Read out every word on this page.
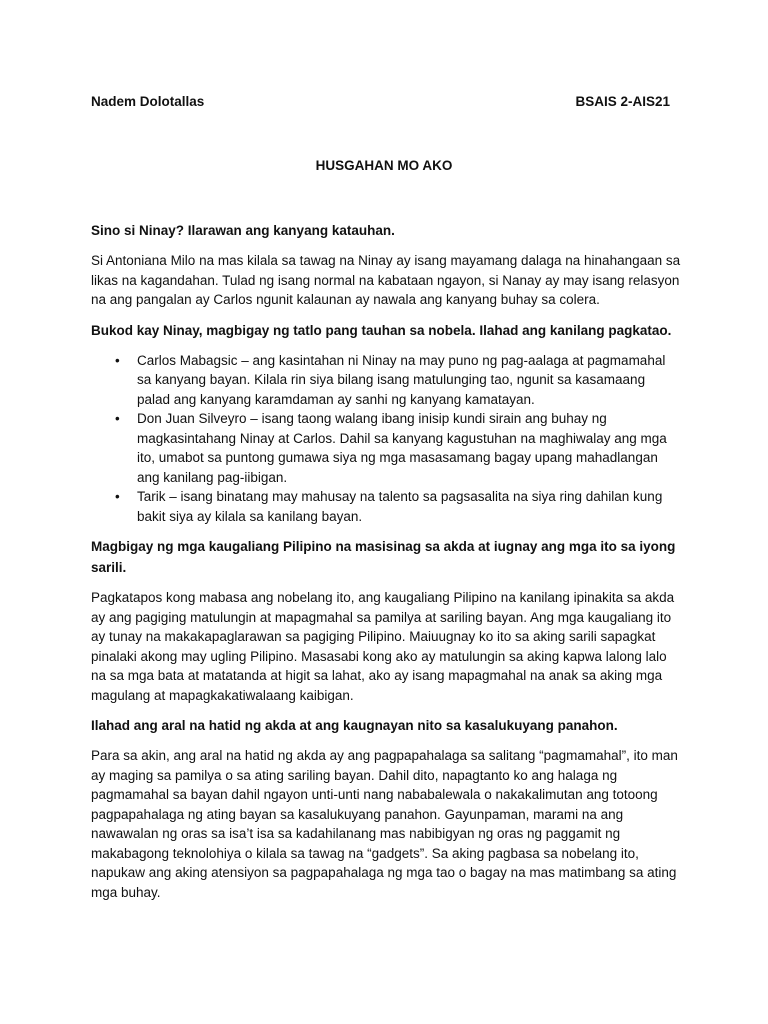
Nadem Dolotallas	BSAIS 2-AIS21
HUSGAHAN MO AKO
Sino si Ninay? Ilarawan ang kanyang katauhan.
Si Antoniana Milo na mas kilala sa tawag na Ninay ay isang mayamang dalaga na hinahangaan sa likas na kagandahan. Tulad ng isang normal na kabataan ngayon, si Nanay ay may isang relasyon na ang pangalan ay Carlos ngunit kalaunan ay nawala ang kanyang buhay sa colera.
Bukod kay Ninay, magbigay ng tatlo pang tauhan sa nobela. Ilahad ang kanilang pagkatao.
• Carlos Mabagsic – ang kasintahan ni Ninay na may puno ng pag-aalaga at pagmamahal sa kanyang bayan. Kilala rin siya bilang isang matulunging tao, ngunit sa kasamaang palad ang kanyang karamdaman ay sanhi ng kanyang kamatayan.
• Don Juan Silveyro – isang taong walang ibang inisip kundi sirain ang buhay ng magkasintahang Ninay at Carlos. Dahil sa kanyang kagustuhan na maghiwalay ang mga ito, umabot sa puntong gumawa siya ng mga masasamang bagay upang mahadlangan ang kanilang pag-iibigan.
• Tarik – isang binatang may mahusay na talento sa pagsasalita na siya ring dahilan kung bakit siya ay kilala sa kanilang bayan.
Magbigay ng mga kaugaliang Pilipino na masisinag sa akda at iugnay ang mga ito sa iyong sarili.
Pagkatapos kong mabasa ang nobelang ito, ang kaugaliang Pilipino na kanilang ipinakita sa akda ay ang pagiging matulungin at mapagmahal sa pamilya at sariling bayan. Ang mga kaugaliang ito ay tunay na makakapaglarawan sa pagiging Pilipino. Maiuugnay ko ito sa aking sarili sapagkat pinalaki akong may ugling Pilipino. Masasabi kong ako ay matulungin sa aking kapwa lalong lalo na sa mga bata at matatanda at higit sa lahat, ako ay isang mapagmahal na anak sa aking mga magulang at mapagkakatiwalaang kaibigan.
Ilahad ang aral na hatid ng akda at ang kaugnayan nito sa kasalukuyang panahon.
Para sa akin, ang aral na hatid ng akda ay ang pagpapahalaga sa salitang “pagmamahal”, ito man ay maging sa pamilya o sa ating sariling bayan. Dahil dito, napagtanto ko ang halaga ng pagmamahal sa bayan dahil ngayon unti-unti nang nababalewala o nakakalimutan ang totoong pagpapahalaga ng ating bayan sa kasalukuyang panahon. Gayunpaman, marami na ang nawawalan ng oras sa isa’t isa sa kadahilanang mas nabibigyan ng oras ng paggamit ng makabagong teknolohiya o kilala sa tawag na “gadgets”. Sa aking pagbasa sa nobelang ito, napukaw ang aking atensiyon sa pagpapahalaga ng mga tao o bagay na mas matimbang sa ating mga buhay.
